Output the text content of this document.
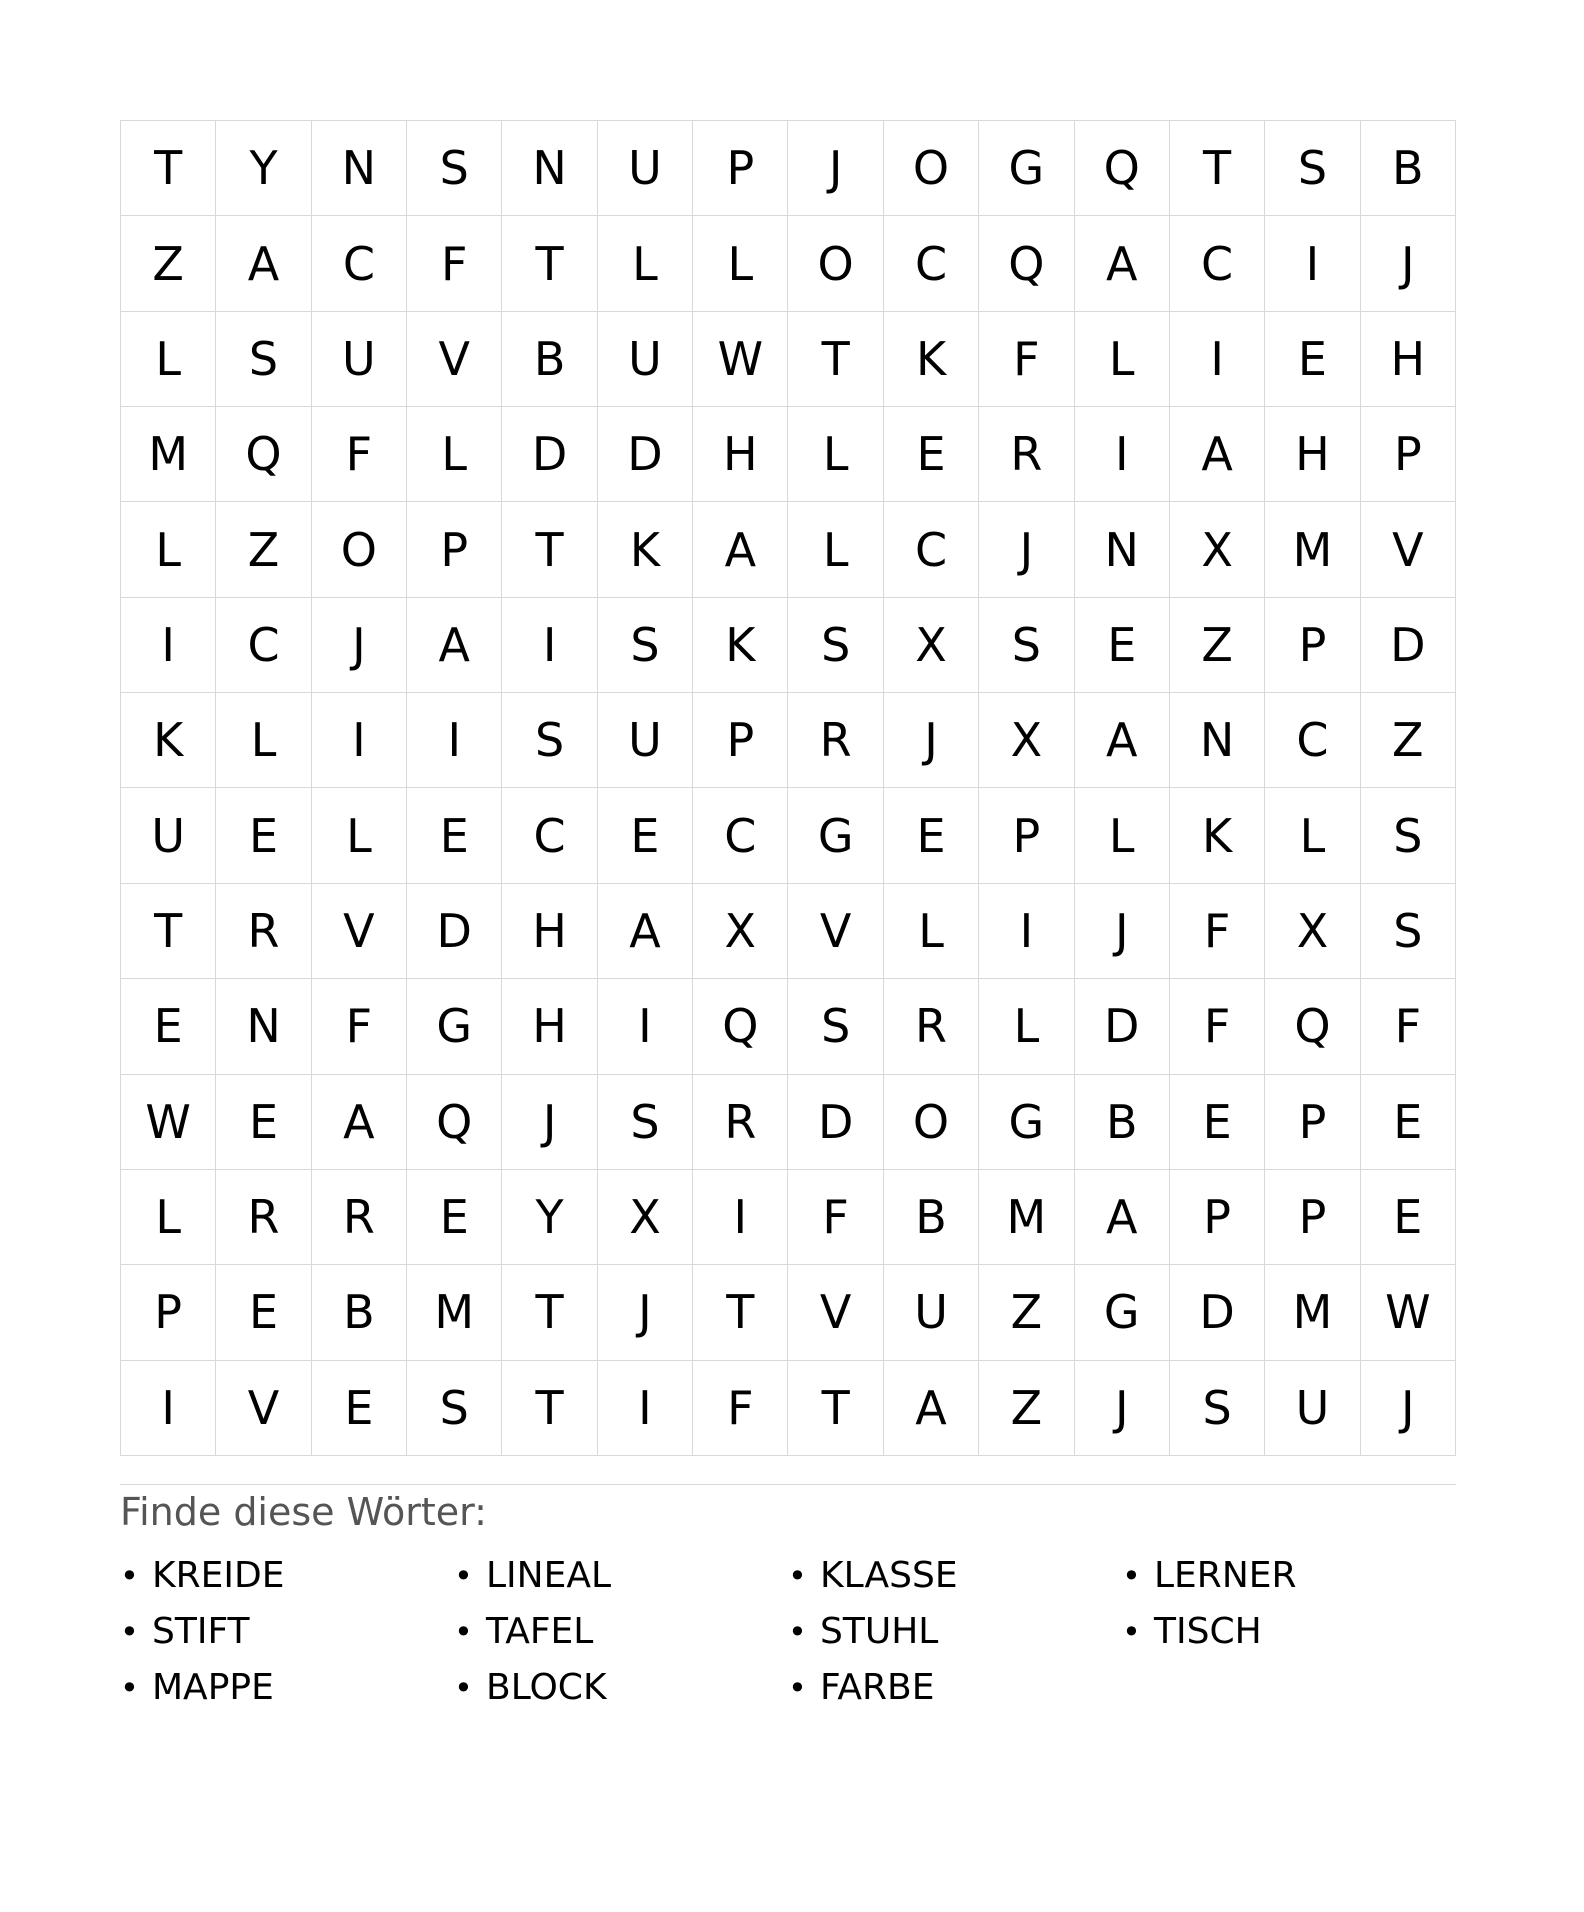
T	Y	N	S	N	U	P	J	O	G	Q	T	S	B
Z	A	C	F	T	L	L	O	C	Q	A	C	I	J
L	S	U	V	B	U	W	T	K	F	L	I	E	H
M	Q	F	L	D	D	H	L	E	R	I	A	H	P
L	Z	O	P	T	K	A	L	C	J	N	X	M	V
I	C	J	A	I	S	K	S	X	S	E	Z	P	D
K	L	I	I	S	U	P	R	J	X	A	N	C	Z
U	E	L	E	C	E	C	G	E	P	L	K	L	S
T	R	V	D	H	A	X	V	L	I	J	F	X	S
E	N	F	G	H	I	Q	S	R	L	D	F	Q	F
W	E	A	Q	J	S	R	D	O	G	B	E	P	E
L	R	R	E	Y	X	I	F	B	M	A	P	P	E
P	E	B	M	T	J	T	V	U	Z	G	D	M	W
I	V	E	S	T	I	F	T	A	Z	J	S	U	J
Finde diese Wörter:
• KREIDE	• LINEAL	• KLASSE	• LERNER
• STIFT	• TAFEL	• STUHL	• TISCH
• MAPPE	• BLOCK	• FARBE
